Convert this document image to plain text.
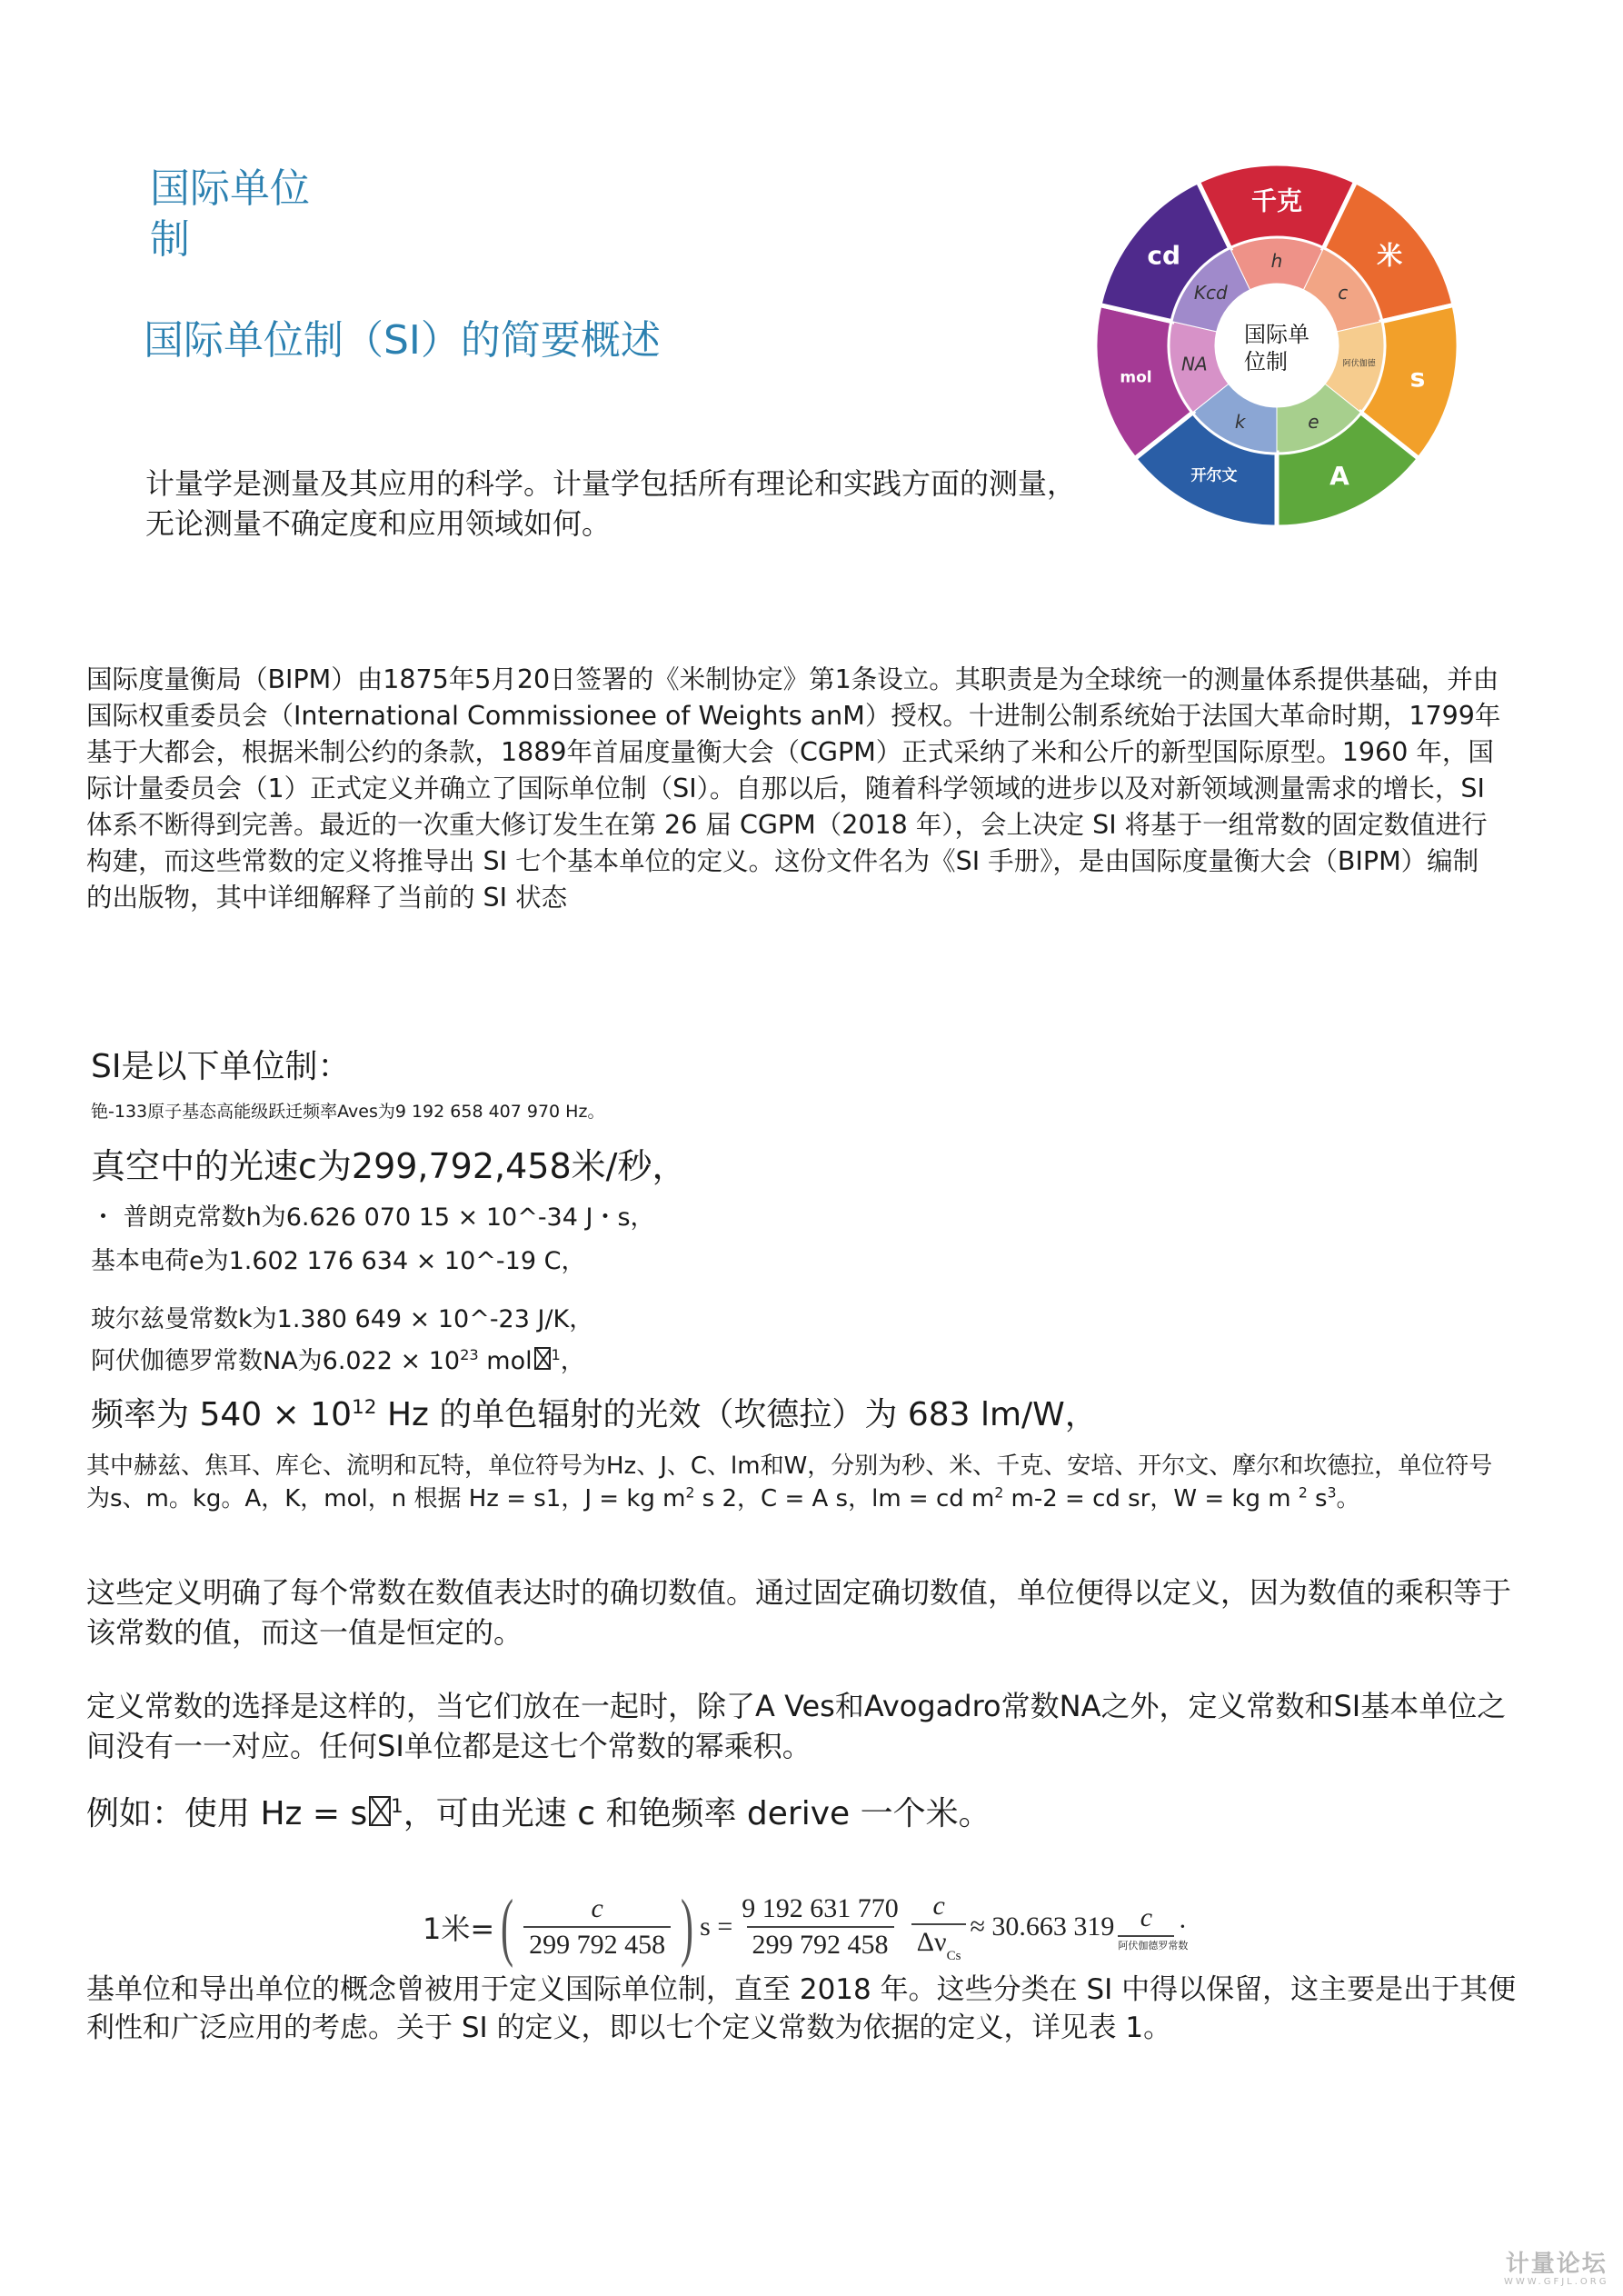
国际单位制
国际单位制（SI）的简要概述
千克
h	米
c
s
阿伏伽德
A
e
开尔文
k
mol
NA
cd
Kcd
国际单
位制
计量学是测量及其应用的科学。计量学包括所有理论和实践方面的测量，无论测量不确定度和应用领域如何。
国际度量衡局（BIPM）由1875年5月20日签署的《米制协定》第1条设立。其职责是为全球统一的测量体系提供基础，并由国际权重委员会（International Commissionee of Weights anM）授权。十进制公制系统始于法国大革命时期，1799年基于大都会，根据米制公约的条款，1889年首届度量衡大会（CGPM）正式采纳了米和公斤的新型国际原型。1960 年，国际计量委员会（1）正式定义并确立了国际单位制（SI）。自那以后，随着科学领域的进步以及对新领域测量需求的增长，SI 体系不断得到完善。最近的一次重大修订发生在第 26 届 CGPM（2018 年），会上决定 SI 将基于一组常数的固定数值进行构建，而这些常数的定义将推导出 SI 七个基本单位的定义。这份文件名为《SI 手册》，是由国际度量衡大会（BIPM）编制的出版物，其中详细解释了当前的 SI 状态
SI是以下单位制：
铯-133原子基态高能级跃迁频率Aves为9 192 658 407 970 Hz。
真空中的光速c为299,792,458米/秒，
・ 普朗克常数h为6.626 070 15 × 10^-34 J・s，
基本电荷e为1.602 176 634 × 10^-19 C，
玻尔兹曼常数k为1.380 649 × 10^-23 J/K，
阿伏伽德罗常数NA为$6.022 \times 10^{23}$ mol $^1$，
频率为 $540 \times 10^{12}$ Hz 的单色辐射的光效（坎德拉）为 683 lm/W，
其中赫兹、焦耳、库仑、流明和瓦特，单位符号为Hz、J、C、lm和W，分别为秒、米、千克、安培、开尔文、摩尔和坎德拉，单位符号为s、m。kg。A，K，mol，n 根据 Hz = s1，J = kg $m^2$ s 2，C = A s，lm = cd $m^2$ m-2 = cd sr，W = kg m $^2$ $s^3$。
这些定义明确了每个常数在数值表达时的确切数值。通过固定确切数值，单位便得以定义，因为数值的乘积等于该常数的值，而这一值是恒定的。
定义常数的选择是这样的，当它们放在一起时，除了A Ves和Avogadro常数NA之外，定义常数和SI基本单位之间没有一一对应。任何SI单位都是这七个常数的幂乘积。
例如：使用 Hz = s $^1$，可由光速 c 和铯频率 derive 一个米。
1米= ( $\frac{c}{299 792 458}$ ) $s = \frac{9 192 631 770}{299 792 458} \frac{c}{\Delta\nu_{Cs}} \approx 30.663$ $319 \frac{c}{\text{阿伏伽德罗常数}}$ ·
基单位和导出单位的概念曾被用于定义国际单位制，直至 2018 年。这些分类在 SI 中得以保留，这主要是出于其便利性和广泛应用的考虑。关于 SI 的定义，即以七个定义常数为依据的定义，详见表 1。
计量论坛
WWW.GFJL.ORG
